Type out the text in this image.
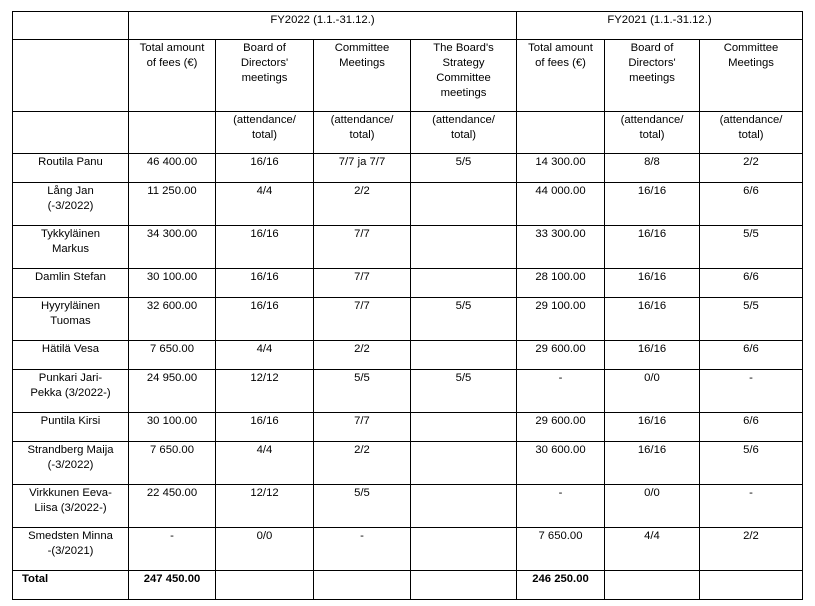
	FY2022 (1.1.-31.12.)				FY2021 (1.1.-31.12.)		

	Total amount
of fees (€)	Board of
Directors'
meetings	Committee
Meetings	The Board's
Strategy
Committee
meetings	Total amount
of fees (€)	Board of
Directors'
meetings	Committee
Meetings

		(attendance/
total)	(attendance/
total)	(attendance/
total)		(attendance/
total)	(attendance/
total)

Routila Panu	46 400.00	16/16	7/7 ja 7/7	5/5	14 300.00	8/8	2/2

Lång Jan
(-3/2022)	11 250.00	4/4	2/2		44 000.00	16/16	6/6

Tykkyläinen
Markus	34 300.00	16/16	7/7		33 300.00	16/16	5/5

Damlin Stefan	30 100.00	16/16	7/7		28 100.00	16/16	6/6

Hyyryläinen
Tuomas	32 600.00	16/16	7/7	5/5	29 100.00	16/16	5/5

Hätilä Vesa	7 650.00	4/4	2/2		29 600.00	16/16	6/6

Punkari Jari-
Pekka (3/2022-)	24 950.00	12/12	5/5	5/5	-	0/0	-

Puntila Kirsi	30 100.00	16/16	7/7		29 600.00	16/16	6/6

Strandberg Maija
(-3/2022)	7 650.00	4/4	2/2		30 600.00	16/16	5/6

Virkkunen Eeva-
Liisa (3/2022-)	22 450.00	12/12	5/5		-	0/0	-

Smedsten Minna
-(3/2021)	-	0/0	-		7 650.00	4/4	2/2
Total	247 450.00				246 250.00		
